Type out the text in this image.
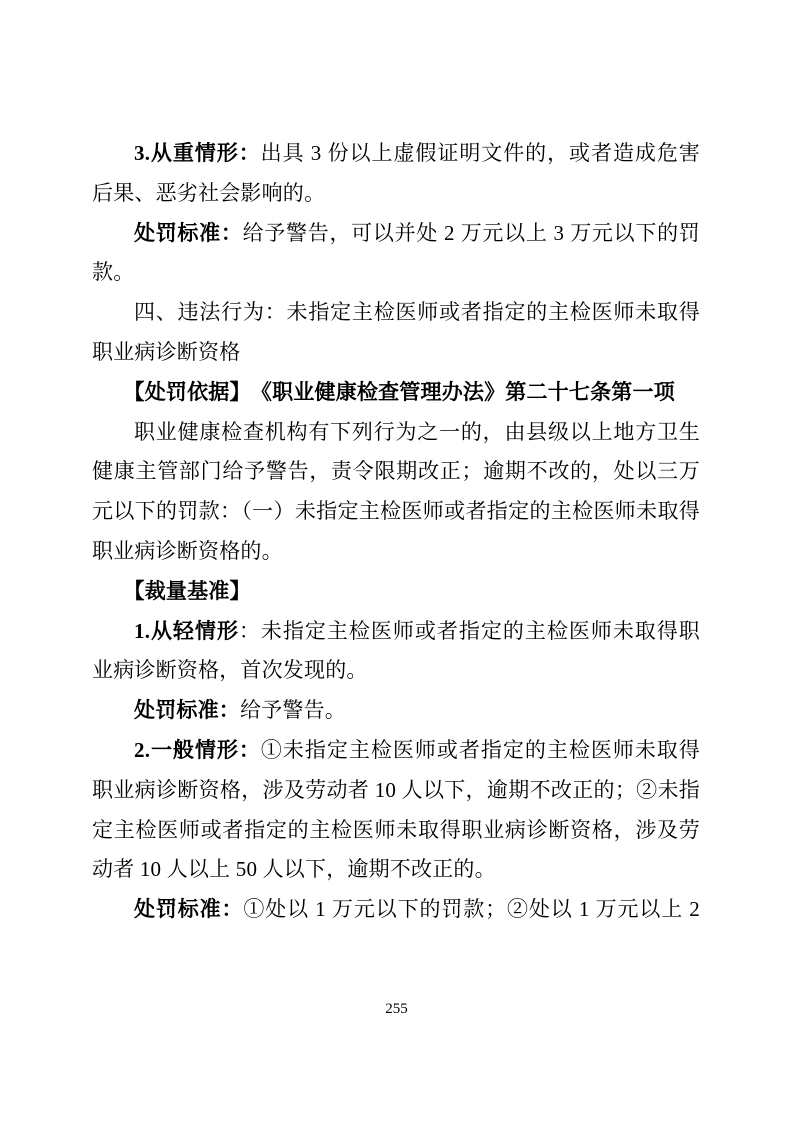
3.从重情形：出具 3 份以上虚假证明文件的，或者造成危害后果、恶劣社会影响的。

处罚标准：给予警告，可以并处 2 万元以上 3 万元以下的罚款。

四、违法行为：未指定主检医师或者指定的主检医师未取得职业病诊断资格

【处罚依据】　《职业健康检查管理办法》第二十七条第一项

职业健康检查机构有下列行为之一的，由县级以上地方卫生健康主管部门给予警告，责令限期改正；逾期不改的，处以三万元以下的罚款：（一）未指定主检医师或者指定的主检医师未取得职业病诊断资格的。

【裁量基准】

1.从轻情形：未指定主检医师或者指定的主检医师未取得职业病诊断资格，首次发现的。

处罚标准：给予警告。

2.一般情形：①未指定主检医师或者指定的主检医师未取得职业病诊断资格，涉及劳动者 10 人以下，逾期不改正的；②未指定主检医师或者指定的主检医师未取得职业病诊断资格，涉及劳动者 10 人以上 50 人以下，逾期不改正的。

处罚标准：①处以 1 万元以下的罚款；②处以 1 万元以上 2

255
